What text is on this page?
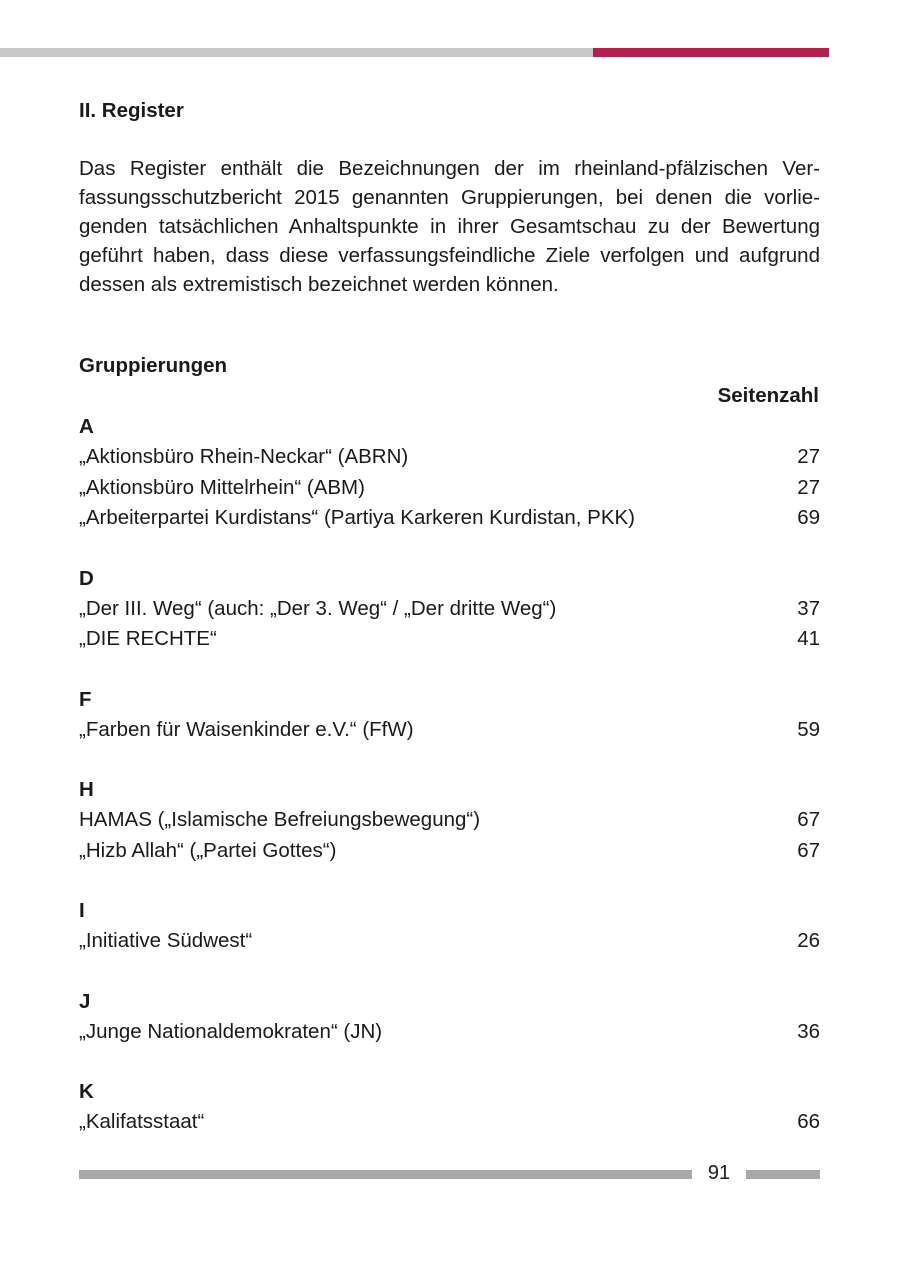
II. Register
Das Register enthält die Bezeichnungen der im rheinland-pfälzischen Ver-
fassungsschutzbericht 2015 genannten Gruppierungen, bei denen die vorlie-
genden tatsächlichen Anhaltspunkte in ihrer Gesamtschau zu der Bewertung
geführt haben, dass diese verfassungsfeindliche Ziele verfolgen und aufgrund
dessen als extremistisch bezeichnet werden können.
Gruppierungen
Seitenzahl
A
„Aktionsbüro Rhein-Neckar“ (ABRN)	27
„Aktionsbüro Mittelrhein“ (ABM)	27
„Arbeiterpartei Kurdistans“ (Partiya Karkeren Kurdistan, PKK)	69
D
„Der III. Weg“ (auch: „Der 3. Weg“ / „Der dritte Weg“)	37
„DIE RECHTE“	41
F
„Farben für Waisenkinder e.V.“ (FfW)	59
H
HAMAS („Islamische Befreiungsbewegung“)	67
„Hizb Allah“ („Partei Gottes“)	67
I
„Initiative Südwest“	26
J
„Junge Nationaldemokraten“ (JN)	36
K
„Kalifatsstaat“	66
91
